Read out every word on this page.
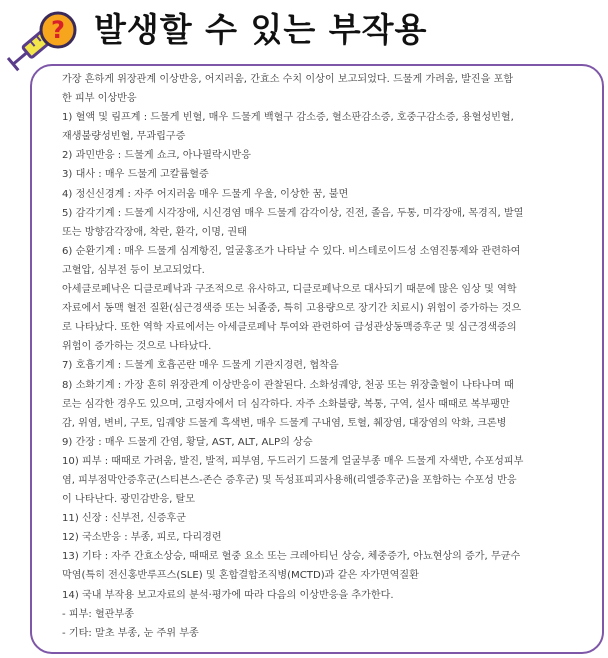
? 발생할 수 있는 부작용
가장 흔하게 위장관계 이상반응, 어지러움, 간효소 수치 이상이 보고되었다. 드물게 가려움, 발진을 포함
한 피부 이상반응
1) 혈액 및 림프계 : 드물게 빈혈, 매우 드물게 백혈구 감소증, 혈소판감소증, 호중구감소증, 용혈성빈혈,
재생불량성빈혈, 무과립구증
2) 과민반응 : 드물게 쇼크, 아나필락시반응
3) 대사 : 매우 드물게 고칼륨혈증
4) 정신신경계 : 자주 어지러움 매우 드물게 우울, 이상한 꿈, 불면
5) 감각기계 : 드물게 시각장애, 시신경염 매우 드물게 감각이상, 진전, 졸음, 두통, 미각장애, 목경직, 발열
또는 방향감각장애, 착란, 환각, 이명, 권태
6) 순환기계 : 매우 드물게 심계항진, 얼굴홍조가 나타날 수 있다. 비스테로이드성 소염진통제와 관련하여
고혈압, 심부전 등이 보고되었다.
아세클로페낙은 디클로페낙과 구조적으로 유사하고, 디클로페낙으로 대사되기 때문에 많은 임상 및 역학
자료에서 동맥 혈전 질환(심근경색증 또는 뇌졸중, 특히 고용량으로 장기간 치료시) 위험이 증가하는 것으
로 나타났다. 또한 역학 자료에서는 아세클로페낙 투여와 관련하여 급성관상동맥증후군 및 심근경색증의
위험이 증가하는 것으로 나타났다.
7) 호흡기계 : 드물게 호흡곤란 매우 드물게 기관지경련, 협착음
8) 소화기계 : 가장 흔히 위장관계 이상반응이 관찰된다. 소화성궤양, 천공 또는 위장출혈이 나타나며 때
로는 심각한 경우도 있으며, 고령자에서 더 심각하다. 자주 소화불량, 복통, 구역, 설사 때때로 복부팽만
감, 위염, 변비, 구토, 입궤양 드물게 흑색변, 매우 드물게 구내염, 토혈, 췌장염, 대장염의 악화, 크론병
9) 간장 : 매우 드물게 간염, 황달, AST, ALT, ALP의 상승
10) 피부 : 때때로 가려움, 발진, 발적, 피부염, 두드러기 드물게 얼굴부종 매우 드물게 자색반, 수포성피부
염, 피부점막안증후군(스티븐스-존슨 증후군) 및 독성표피괴사용해(리엘증후군)을 포함하는 수포성 반응
이 나타난다. 광민감반응, 탈모
11) 신장 : 신부전, 신증후군
12) 국소반응 : 부종, 피로, 다리경련
13) 기타 : 자주 간효소상승, 때때로 혈중 요소 또는 크레아티닌 상승, 체중증가, 아뇨현상의 증가, 무균수
막염(특히 전신홍반루프스(SLE) 및 혼합결합조직병(MCTD)과 같은 자가면역질환
14) 국내 부작용 보고자료의 분석·평가에 따라 다음의 이상반응을 추가한다.
- 피부: 혈관부종
- 기타: 말초 부종, 눈 주위 부종
